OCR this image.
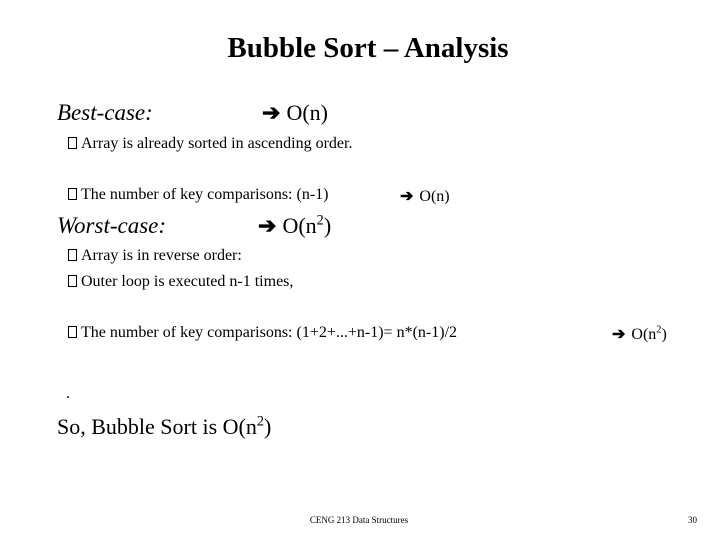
Bubble Sort – Analysis
Best-case:	➔ O(n)
Array is already sorted in ascending order.
The number of key comparisons: (n-1)	➔ O(n)
Worst-case:	➔ $O(n^2)$
Array is in reverse order:
Outer loop is executed n-1 times,
The number of key comparisons: (1+2+...+n-1)= n*(n-1)/2	➔ $O(n^2)$
.
So, Bubble Sort is $O(n^2)$
CENG 213 Data Structures	30
